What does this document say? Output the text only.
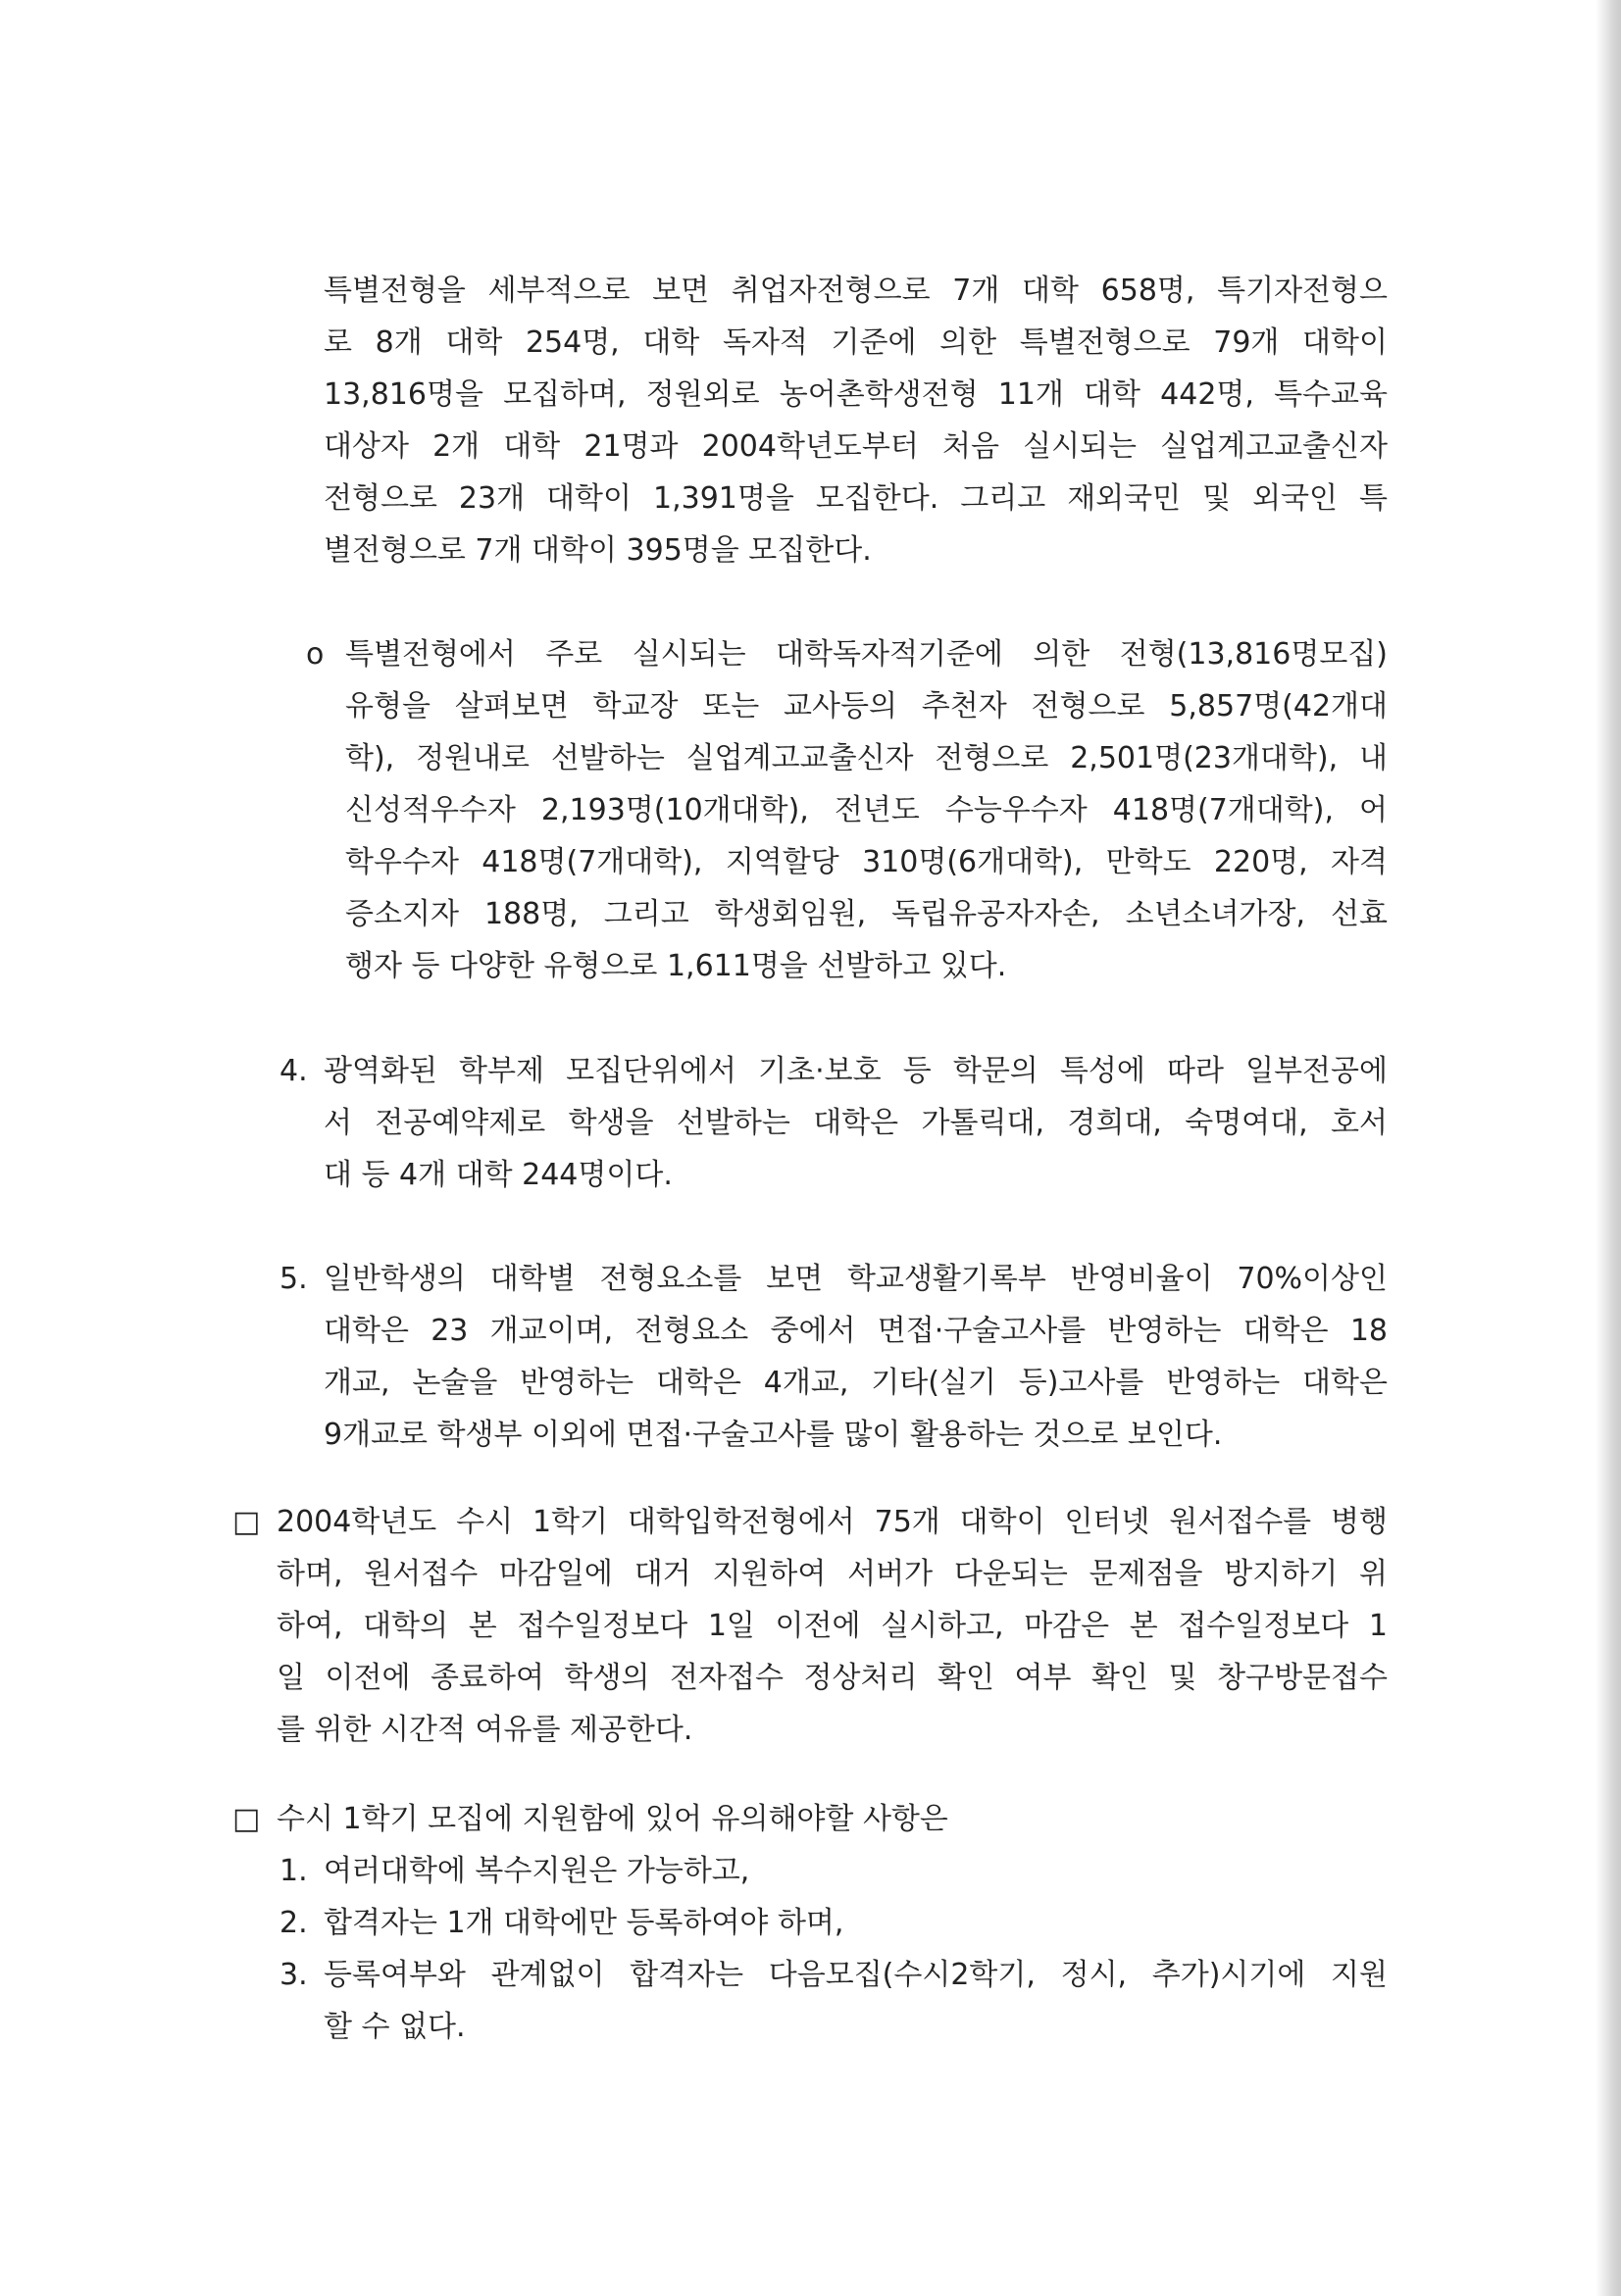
특별전형을 세부적으로 보면 취업자전형으로 7개 대학 658명, 특기자전형으
로 8개 대학 254명, 대학 독자적 기준에 의한 특별전형으로 79개 대학이
13,816명을 모집하며, 정원외로 농어촌학생전형 11개 대학 442명, 특수교육
대상자 2개 대학 21명과 2004학년도부터 처음 실시되는 실업계고교출신자
전형으로 23개 대학이 1,391명을 모집한다. 그리고 재외국민 및 외국인 특
별전형으로 7개 대학이 395명을 모집한다.
o 특별전형에서 주로 실시되는 대학독자적기준에 의한 전형(13,816명모집)
유형을 살펴보면 학교장 또는 교사등의 추천자 전형으로 5,857명(42개대
학), 정원내로 선발하는 실업계고교출신자 전형으로 2,501명(23개대학), 내
신성적우수자 2,193명(10개대학), 전년도 수능우수자 418명(7개대학), 어
학우수자 418명(7개대학), 지역할당 310명(6개대학), 만학도 220명, 자격
증소지자 188명, 그리고 학생회임원, 독립유공자자손, 소년소녀가장, 선효
행자 등 다양한 유형으로 1,611명을 선발하고 있다.
4. 광역화된 학부제 모집단위에서 기초·보호 등 학문의 특성에 따라 일부전공에
서 전공예약제로 학생을 선발하는 대학은 가톨릭대, 경희대, 숙명여대, 호서
대 등 4개 대학 244명이다.
5. 일반학생의 대학별 전형요소를 보면 학교생활기록부 반영비율이 70%이상인
대학은 23 개교이며, 전형요소 중에서 면접·구술고사를 반영하는 대학은 18
개교, 논술을 반영하는 대학은 4개교, 기타(실기 등)고사를 반영하는 대학은
9개교로 학생부 이외에 면접·구술고사를 많이 활용하는 것으로 보인다.
□ 2004학년도 수시 1학기 대학입학전형에서 75개 대학이 인터넷 원서접수를 병행
하며, 원서접수 마감일에 대거 지원하여 서버가 다운되는 문제점을 방지하기 위
하여, 대학의 본 접수일정보다 1일 이전에 실시하고, 마감은 본 접수일정보다 1
일 이전에 종료하여 학생의 전자접수 정상처리 확인 여부 확인 및 창구방문접수
를 위한 시간적 여유를 제공한다.
□ 수시 1학기 모집에 지원함에 있어 유의해야할 사항은
1. 여러대학에 복수지원은 가능하고,
2. 합격자는 1개 대학에만 등록하여야 하며,
3. 등록여부와 관계없이 합격자는 다음모집(수시2학기, 정시, 추가)시기에 지원
할 수 없다.
